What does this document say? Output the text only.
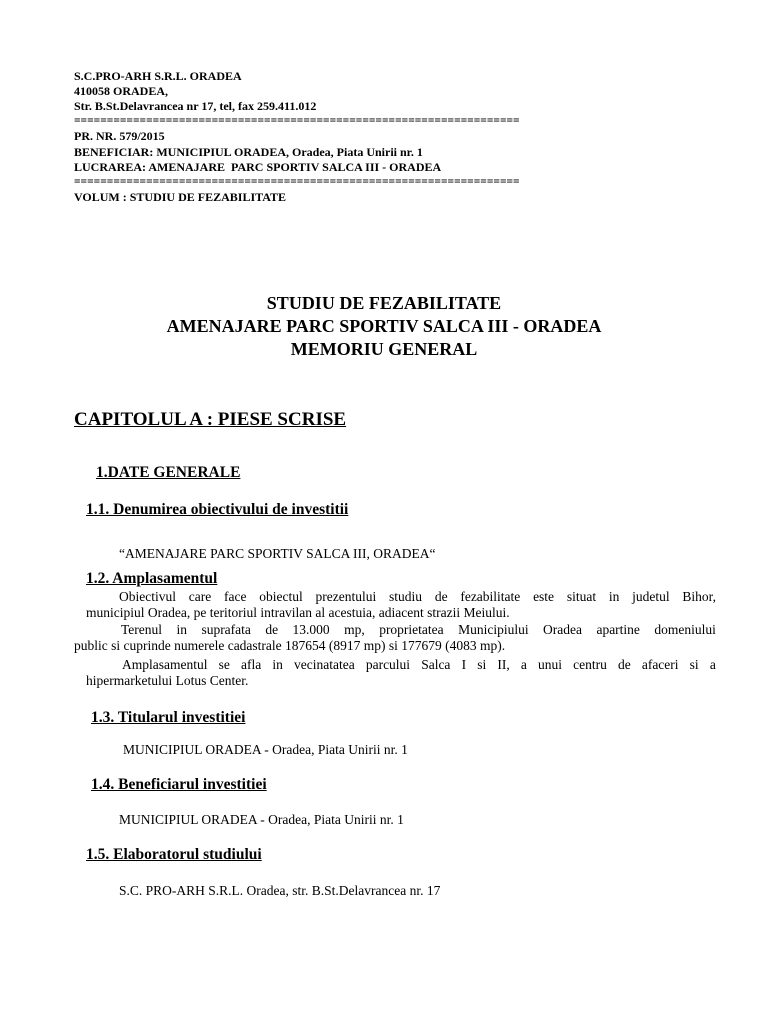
S.C.PRO-ARH S.R.L. ORADEA
410058 ORADEA,
Str. B.St.Delavrancea nr 17, tel, fax 259.411.012
====================================================================
PR. NR. 579/2015
BENEFICIAR: MUNICIPIUL ORADEA, Oradea, Piata Unirii nr. 1
LUCRAREA: AMENAJARE  PARC SPORTIV SALCA III - ORADEA
====================================================================
VOLUM : STUDIU DE FEZABILITATE
STUDIU DE FEZABILITATE
AMENAJARE PARC SPORTIV SALCA III - ORADEA
MEMORIU GENERAL
CAPITOLUL A : PIESE SCRISE
1.DATE GENERALE
1.1. Denumirea obiectivului de investitii
“AMENAJARE PARC SPORTIV SALCA III, ORADEA“
1.2. Amplasamentul
Obiectivul care face obiectul prezentului studiu de fezabilitate este situat in judetul Bihor,
municipiul Oradea, pe teritoriul intravilan al acestuia, adiacent strazii Meiului.
Terenul in suprafata de 13.000 mp, proprietatea Municipiului Oradea apartine domeniului
public si cuprinde numerele cadastrale 187654 (8917 mp) si 177679 (4083 mp).
Amplasamentul se afla in vecinatatea parcului Salca I si II, a unui centru de afaceri si a
hipermarketului Lotus Center.
1.3. Titularul investitiei
MUNICIPIUL ORADEA - Oradea, Piata Unirii nr. 1
1.4. Beneficiarul investitiei
MUNICIPIUL ORADEA - Oradea, Piata Unirii nr. 1
1.5. Elaboratorul studiului
S.C. PRO-ARH S.R.L. Oradea, str. B.St.Delavrancea nr. 17
